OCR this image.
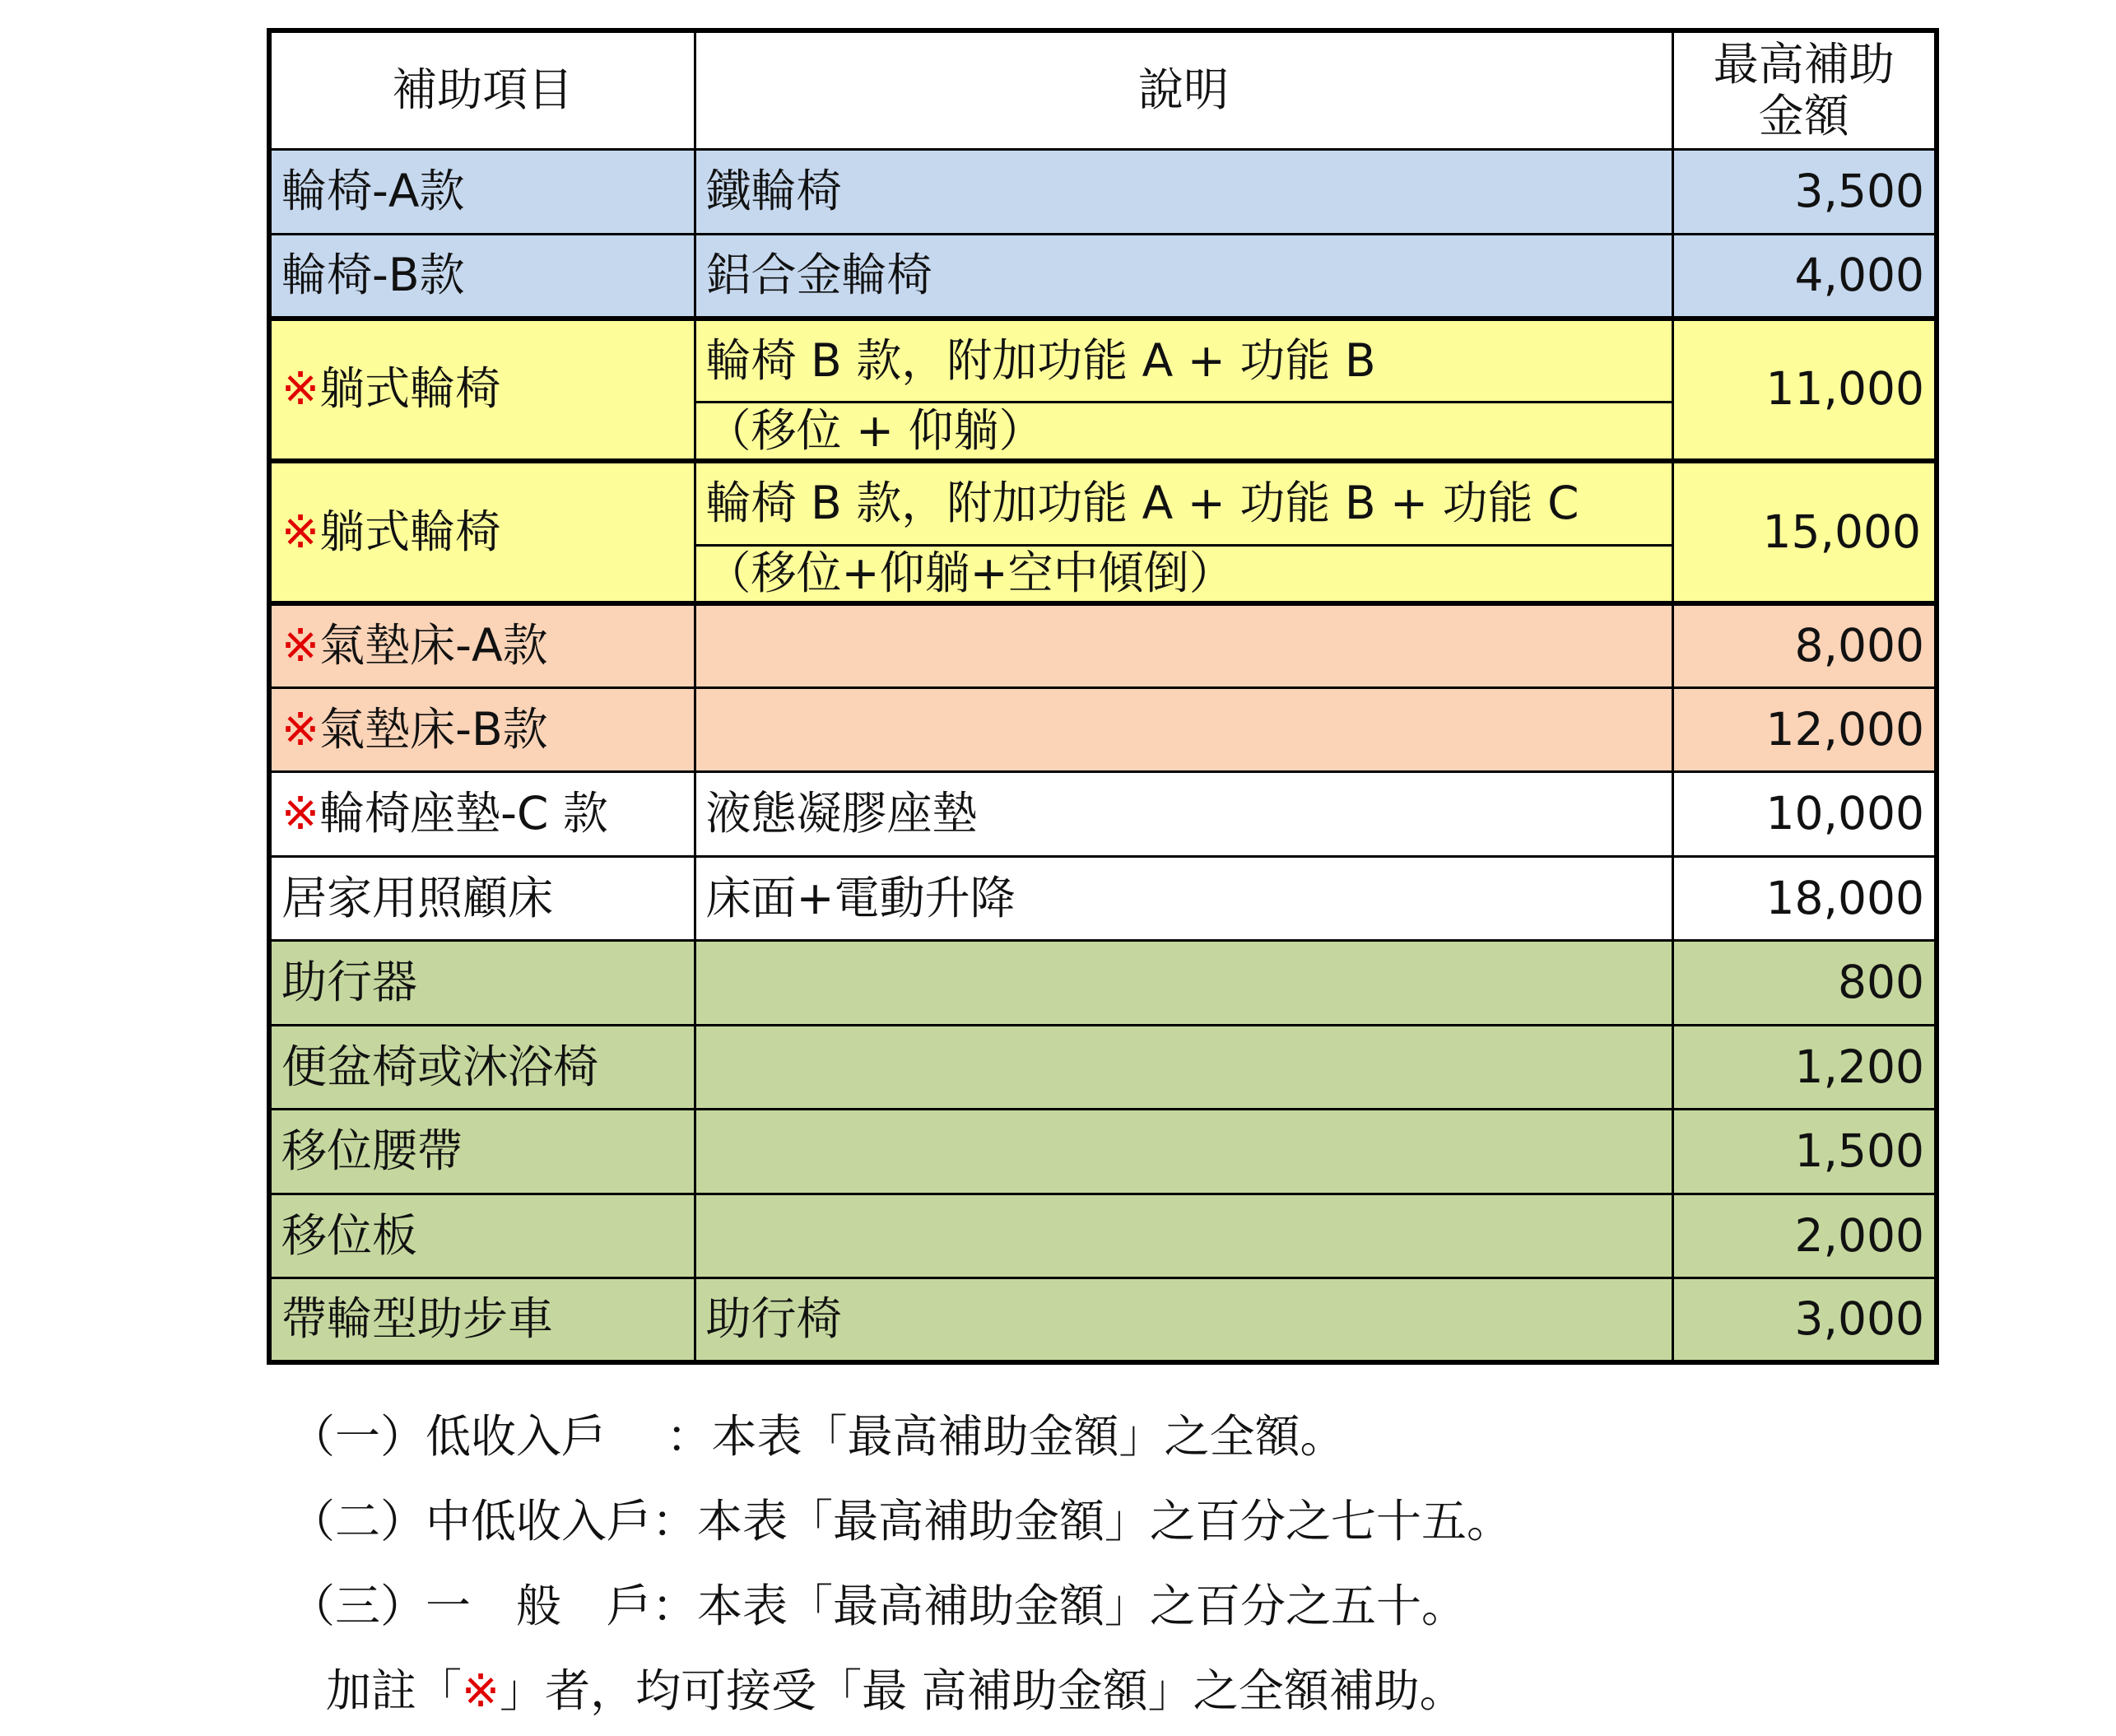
補助項目	說明	最高補助
金額

輪椅-A款	鐵輪椅	3,500
輪椅-B款	鋁合金輪椅	4,000
※躺式輪椅	輪椅 B 款，附加功能 A + 功能 B	11,000
	（移位 + 仰躺）	
※躺式輪椅	輪椅 B 款，附加功能 A + 功能 B + 功能 C	15,000
	（移位+仰躺+空中傾倒）	
※氣墊床-A款		8,000
※氣墊床-B款		12,000
※輪椅座墊-C 款	液態凝膠座墊	10,000
居家用照顧床	床面+電動升降	18,000
助行器		800
便盆椅或沐浴椅		1,200
移位腰帶		1,500
移位板		2,000
帶輪型助步車	助行椅	3,000
（一）低收入戶　 ：本表「最高補助金額」之全額。
（二）中低收入戶：本表「最高補助金額」之百分之七十五。
（三）一　般　戶：本表「最高補助金額」之百分之五十。
加註「※」者，均可接受「最 高補助金額」之全額補助。
